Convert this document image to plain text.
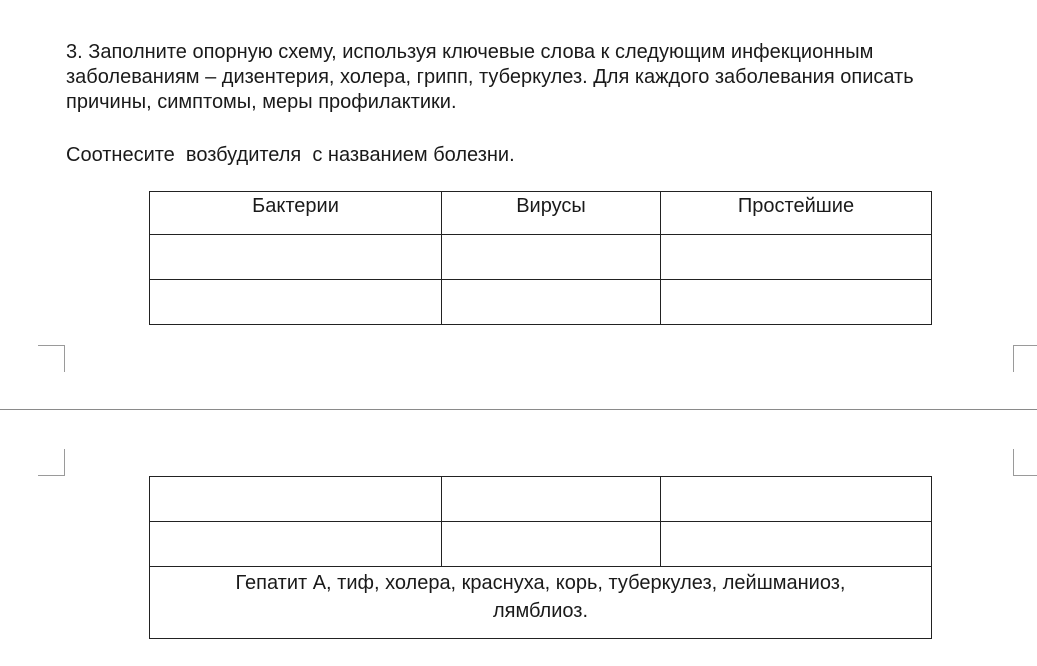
3. Заполните опорную схему, используя ключевые слова к следующим инфекционным
заболеваниям – дизентерия, холера, грипп, туберкулез. Для каждого заболевания описать
причины, симптомы, меры профилактики.
Соотнесите  возбудителя  с названием болезни.
Бактерии	Вирусы	Простейшие

Гепатит А, тиф, холера, краснуха, корь, туберкулез, лейшманиоз,
лямблиоз.		
